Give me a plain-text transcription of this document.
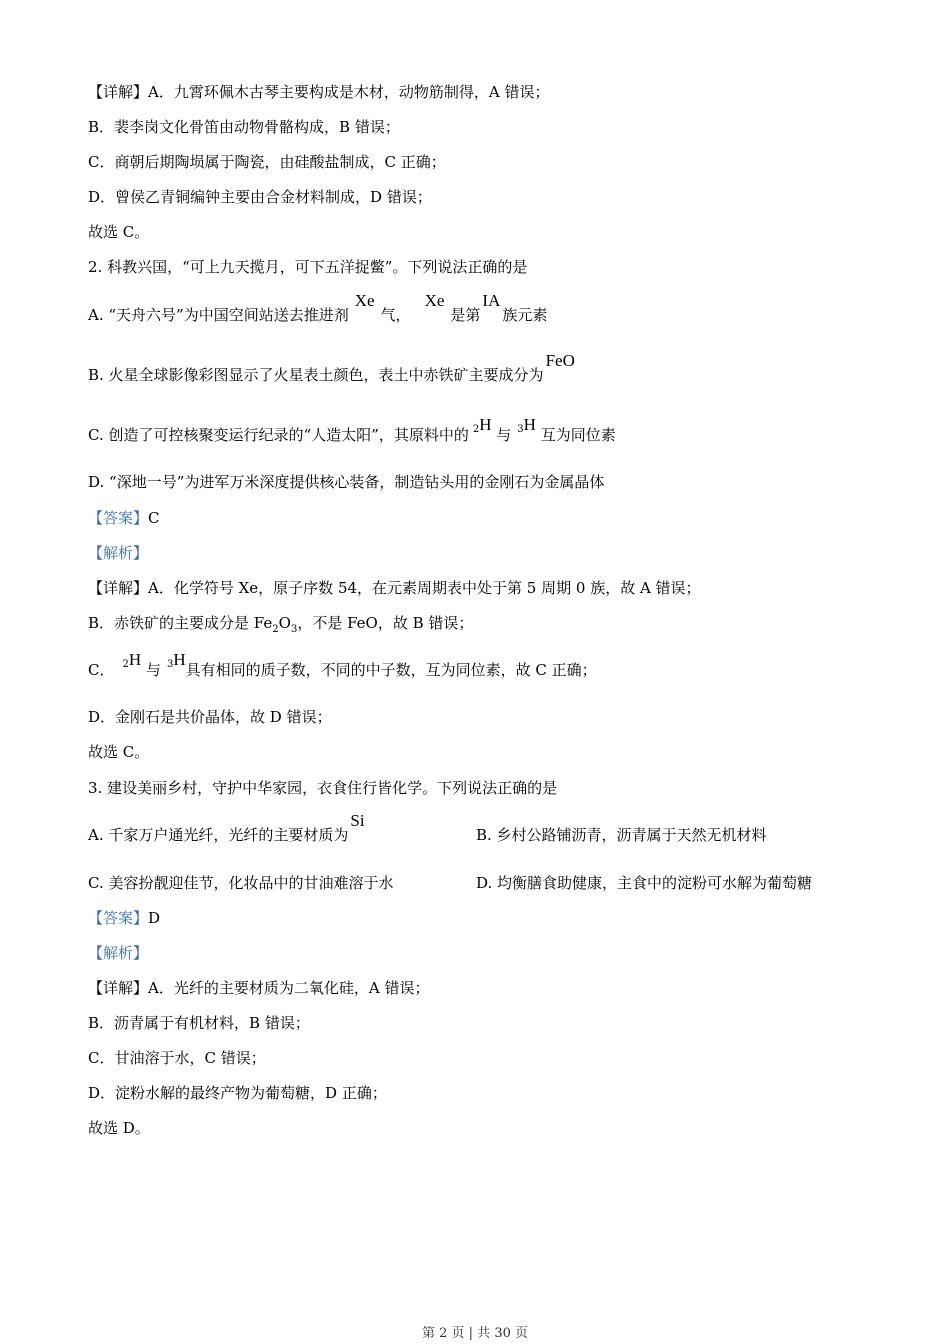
【详解】A．九霄环佩木古琴主要构成是木材，动物筋制得，A 错误；
B．裴李岗文化骨笛由动物骨骼构成，B 错误；
C．商朝后期陶埙属于陶瓷，由硅酸盐制成，C 正确；
D．曾侯乙青铜编钟主要由合金材料制成，D 错误；
故选 C。
2. 科教兴国，“可上九天揽月，可下五洋捉鳖”。下列说法正确的是
A. “天舟六号”为中国空间站送去推进剂Xe气，Xe是第IA族元素
B. 火星全球影像彩图显示了火星表土颜色，表土中赤铁矿主要成分为FeO
C. 创造了可控核聚变运行纪录的“人造太阳”，其原料中的 $^2$H 与 $^3$H 互为同位素
D. “深地一号”为进军万米深度提供核心装备，制造钻头用的金刚石为金属晶体
【答案】C
【解析】
【详解】A．化学符号 Xe，原子序数 54，在元素周期表中处于第 5 周期 0 族，故 A 错误；
B．赤铁矿的主要成分是 $Fe_2O_3$，不是 FeO，故 B 错误；
C． $^2$H 与 $^3$H具有相同的质子数，不同的中子数，互为同位素，故 C 正确；
D．金刚石是共价晶体，故 D 错误；
故选 C。
3. 建设美丽乡村，守护中华家园，衣食住行皆化学。下列说法正确的是
A. 千家万户通光纤，光纤的主要材质为Si
B. 乡村公路铺沥青，沥青属于天然无机材料
C. 美容扮靓迎佳节，化妆品中的甘油难溶于水	D. 均衡膳食助健康，主食中的淀粉可水解为葡萄糖
【答案】D
【解析】
【详解】A．光纤的主要材质为二氧化硅，A 错误；
B．沥青属于有机材料，B 错误；
C．甘油溶于水，C 错误；
D．淀粉水解的最终产物为葡萄糖，D 正确；
故选 D。
第 2 页 | 共 30 页
